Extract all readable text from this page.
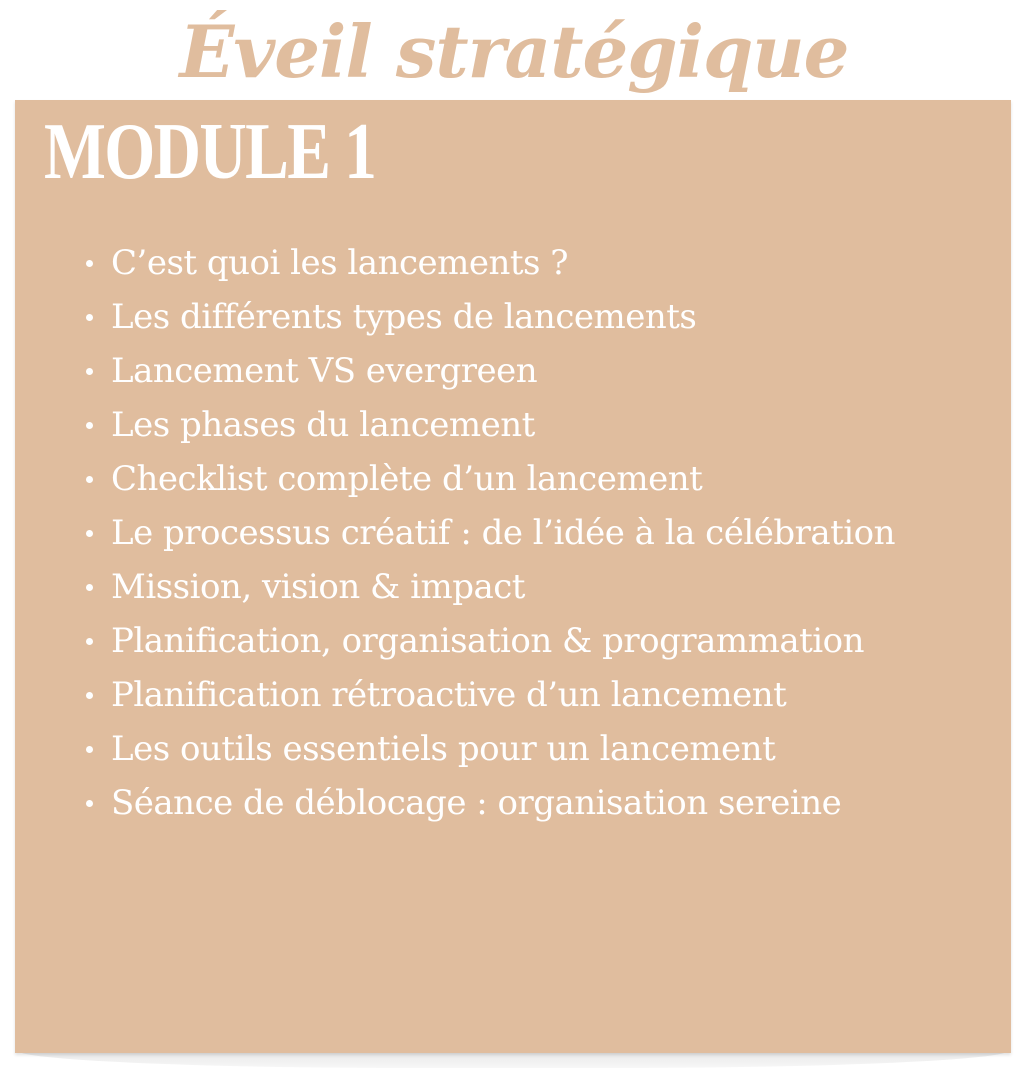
Éveil stratégique
MODULE 1
C’est quoi les lancements ?
Les différents types de lancements
Lancement VS evergreen
Les phases du lancement
Checklist complète d’un lancement
Le processus créatif : de l’idée à la célébration
Mission, vision & impact
Planification, organisation & programmation
Planification rétroactive d’un lancement
Les outils essentiels pour un lancement
Séance de déblocage : organisation sereine
